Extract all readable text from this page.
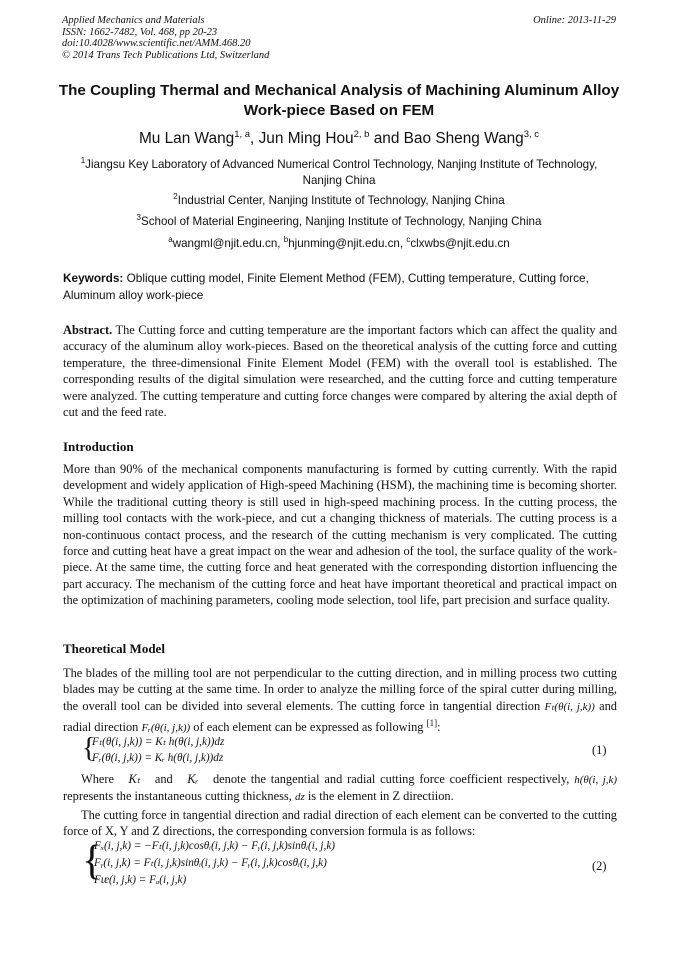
Applied Mechanics and Materials
ISSN: 1662-7482, Vol. 468, pp 20-23
doi:10.4028/www.scientific.net/AMM.468.20
© 2014 Trans Tech Publications Ltd, Switzerland
Online: 2013-11-29
The Coupling Thermal and Mechanical Analysis of Machining Aluminum Alloy Work-piece Based on FEM
Mu Lan Wang$^{1, a}$, Jun Ming Hou$^{2, b}$ and Bao Sheng Wang$^{3, c}$
$^1$Jiangsu Key Laboratory of Advanced Numerical Control Technology, Nanjing Institute of Technology, Nanjing China
$^2$Industrial Center, Nanjing Institute of Technology, Nanjing China
$^3$School of Material Engineering, Nanjing Institute of Technology, Nanjing China
$^a$wangml@njit.edu.cn, $^b$hjunming@njit.edu.cn, $^c$clxwbs@njit.edu.cn
Keywords: Oblique cutting model, Finite Element Method (FEM), Cutting temperature, Cutting force, Aluminum alloy work-piece
Abstract. The Cutting force and cutting temperature are the important factors which can affect the quality and accuracy of the aluminum alloy work-pieces. Based on the theoretical analysis of the cutting force and cutting temperature, the three-dimensional Finite Element Model (FEM) with the overall tool is established. The corresponding results of the digital simulation were researched, and the cutting force and cutting temperature were analyzed. The cutting temperature and cutting force changes were compared by altering the axial depth of cut and the feed rate.
Introduction
More than 90% of the mechanical components manufacturing is formed by cutting currently. With the rapid development and widely application of High-speed Machining (HSM), the machining time is becoming shorter. While the traditional cutting theory is still used in high-speed machining process. In the cutting process, the milling tool contacts with the work-piece, and cut a changing thickness of materials. The cutting process is a non-continuous contact process, and the research of the cutting mechanism is very complicated. The cutting force and cutting heat have a great impact on the wear and adhesion of the tool, the surface quality of the work-piece. At the same time, the cutting force and heat generated with the corresponding distortion influencing the part accuracy. The mechanism of the cutting force and heat have important theoretical and practical impact on the optimization of machining parameters, cooling mode selection, tool life, part precision and surface quality.
Theoretical Model
The blades of the milling tool are not perpendicular to the cutting direction, and in milling process two cutting blades may be cutting at the same time. In order to analyze the milling force of the spiral cutter during milling, the overall tool can be divided into several elements. The cutting force in tangential direction Fₜ(θ(i, j,k)) and radial direction Fᵣ(θ(i, j,k)) of each element can be expressed as following [1]:
{
Fₜ(θ(i, j,k)) = Kₜ h(θ(i, j,k))dz
Fᵣ(θ(i, j,k)) = Kᵣ h(θ(i, j,k))dz
(1)
Where Kₜ and Kᵣ denote the tangential and radial cutting force coefficient respectively, h(θ(i, j,k) represents the instantaneous cutting thickness, dz is the element in Z directiion.
The cutting force in tangential direction and radial direction of each element can be converted to the cutting force of X, Y and Z directions, the corresponding conversion formula is as follows:
{
Fₓ(i, j,k) = −Fₜ(i, j,k)cosθᵢ(i, j,k) − Fᵧ(i, j,k)sinθᵢ(i, j,k)
Fᵧ(i, j,k) = Fₜ(i, j,k)sinθᵢ(i, j,k) − Fᵧ(i, j,k)cosθᵢ(i, j,k)
Fᵫ(i, j,k) = Fₐ(i, j,k)
(2)
